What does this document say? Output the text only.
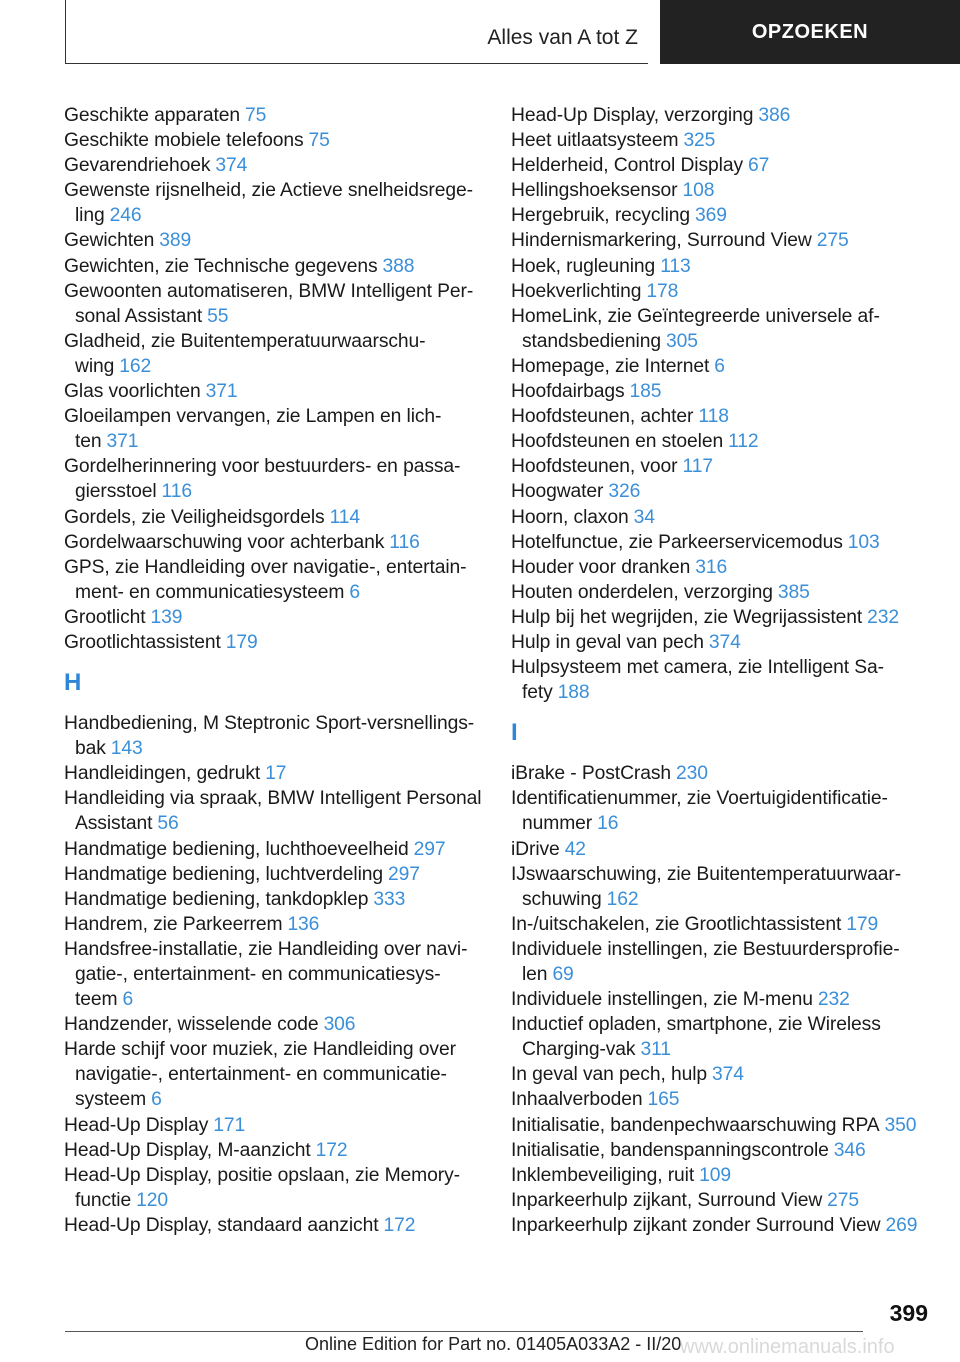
Alles van A tot Z	OPZOEKEN
Geschikte apparaten 75
Geschikte mobiele telefoons 75
Gevarendriehoek 374
Gewenste rijsnelheid, zie Actieve snelheidsregeling 246
Gewichten 389
Gewichten, zie Technische gegevens 388
Gewoonten automatiseren, BMW Intelligent Personal Assistant 55
Gladheid, zie Buitentemperatuurwaarschuwing 162
Glas voorlichten 371
Gloeilampen vervangen, zie Lampen en lichten 371
Gordelherinnering voor bestuurders- en passagiersstoel 116
Gordels, zie Veiligheidsgordels 114
Gordelwaarschuwing voor achterbank 116
GPS, zie Handleiding over navigatie-, entertainment- en communicatiesysteem 6
Grootlicht 139
Grootlichtassistent 179
H
Handbediening, M Steptronic Sport-versnellingsbak 143
Handleidingen, gedrukt 17
Handleiding via spraak, BMW Intelligent Personal Assistant 56
Handmatige bediening, luchthoeveelheid 297
Handmatige bediening, luchtverdeling 297
Handmatige bediening, tankdopklep 333
Handrem, zie Parkeerrem 136
Handsfree-installatie, zie Handleiding over navigatie-, entertainment- en communicatiesysteem 6
Handzender, wisselende code 306
Harde schijf voor muziek, zie Handleiding over navigatie-, entertainment- en communicatiesysteem 6
Head-Up Display 171
Head-Up Display, M-aanzicht 172
Head-Up Display, positie opslaan, zie Memoryfunctie 120
Head-Up Display, standaard aanzicht 172
Head-Up Display, verzorging 386
Heet uitlaatsysteem 325
Helderheid, Control Display 67
Hellingshoeksensor 108
Hergebruik, recycling 369
Hindernismarkering, Surround View 275
Hoek, rugleuning 113
Hoekverlichting 178
HomeLink, zie Geïntegreerde universele afstandsbediening 305
Homepage, zie Internet 6
Hoofdairbags 185
Hoofdsteunen, achter 118
Hoofdsteunen en stoelen 112
Hoofdsteunen, voor 117
Hoogwater 326
Hoorn, claxon 34
Hotelfunctue, zie Parkeerservicemodus 103
Houder voor dranken 316
Houten onderdelen, verzorging 385
Hulp bij het wegrijden, zie Wegrijassistent 232
Hulp in geval van pech 374
Hulpsysteem met camera, zie Intelligent Safety 188
I
iBrake - PostCrash 230
Identificatienummer, zie Voertuigidentificatienummer 16
iDrive 42
IJswaarschuwing, zie Buitentemperatuurwaarschuwing 162
In-/uitschakelen, zie Grootlichtassistent 179
Individuele instellingen, zie Bestuurdersprofielen 69
Individuele instellingen, zie M-menu 232
Inductief opladen, smartphone, zie Wireless Charging-vak 311
In geval van pech, hulp 374
Inhaalverboden 165
Initialisatie, bandenpechwaarschuwing RPA 350
Initialisatie, bandenspanningscontrole 346
Inklembeveiliging, ruit 109
Inparkeerhulp zijkant, Surround View 275
Inparkeerhulp zijkant zonder Surround View 269
399
Online Edition for Part no. 01405A033A2 - II/20
www.onlinemanuals.info
